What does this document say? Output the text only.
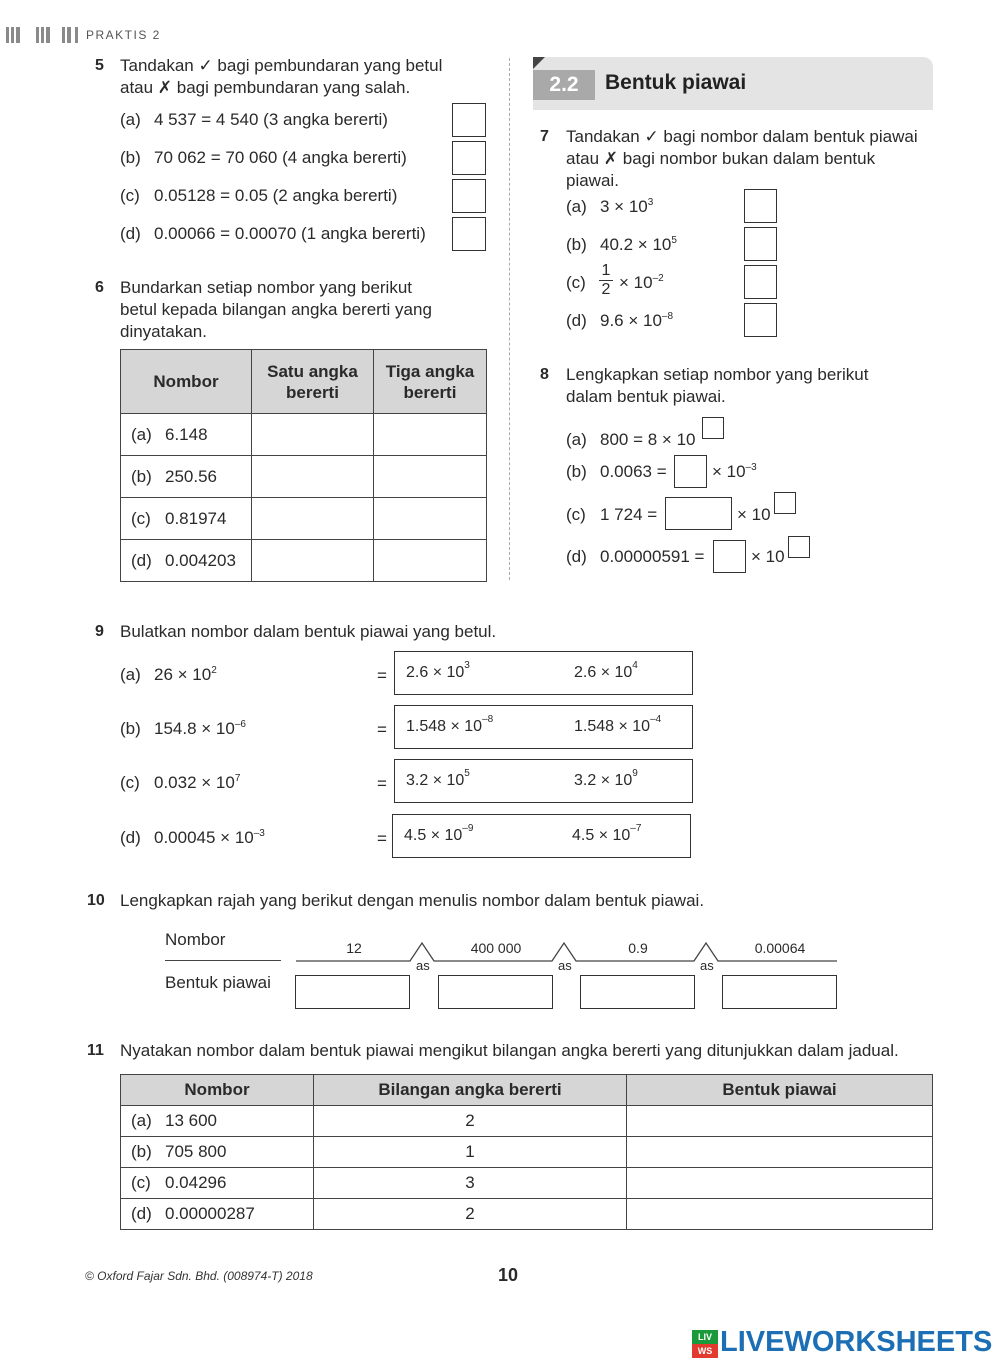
PRAKTIS 2
5 Tandakan ✓ bagi pembundaran yang betul
atau ✗ bagi pembundaran yang salah.
(a) 4 537 = 4 540 (3 angka bererti)
(b) 70 062 = 70 060 (4 angka bererti)
(c) 0.05128 = 0.05 (2 angka bererti)
(d) 0.00066 = 0.00070 (1 angka bererti)
6 Bundarkan setiap nombor yang berikut
betul kepada bilangan angka bererti yang
dinyatakan.
Nombor	Satu angka bererti	Tiga angka bererti
(a) 6.148		
(b) 250.56		
(c) 0.81974		
(d) 0.004203		
2.2	Bentuk piawai
7 Tandakan ✓ bagi nombor dalam bentuk piawai
atau ✗ bagi nombor bukan dalam bentuk
piawai.
(a) $3 \times 10^3$
(b) $40.2 \times 10^5$
(c)
1
$2 \times 10^{-2}$
(d) $9.6 \times 10^{-8}$
8 Lengkapkan setiap nombor yang berikut
dalam bentuk piawai.
(a) 800 = 8 × 10
(b) 0.0063 =	× $10^{-3}$
(c) 1 724 =	× 10
(d) 0.00000591 =	× 10
9 Bulatkan nombor dalam bentuk piawai yang betul.
(a) $26 \times 10^2$	= $2.6 \times 10^3$	$2.6 \times 10^4$
(b) $154.8 \times 10^{-6}$	= $1.548 \times 10^{-8}$	$1.548 \times 10^{-4}$
(c) $0.032 \times 10^7$	= $3.2 \times 10^5$	$3.2 \times 10^9$
(d) $0.00045 \times 10^{-3}$	= $4.5 \times 10^{-9}$	$4.5 \times 10^{-7}$
10 Lengkapkan rajah yang berikut dengan menulis nombor dalam bentuk piawai.
Nombor
Bentuk piawai
12	400 000	0.9	0.00064
as	as	as
11 Nyatakan nombor dalam bentuk piawai mengikut bilangan angka bererti yang ditunjukkan dalam jadual.
Nombor	Bilangan angka bererti	Bentuk piawai
(a) 13 600	2	
(b) 705 800	1	
(c) 0.04296	3	
(d) 0.00000287	2	
© Oxford Fajar Sdn. Bhd. (008974-T) 2018	10
LIV
WS LIVEWORKSHEETS
